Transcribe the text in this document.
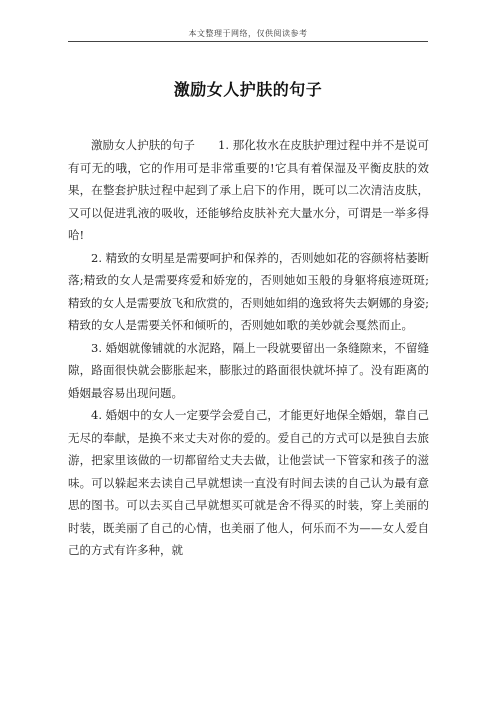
本文整理于网络，仅供阅读参考
激励女人护肤的句子

激励女人护肤的句子　　1. 那化妆水在皮肤护理过程中并不是说可有可无的哦，它的作用可是非常重要的!它具有着保湿及平衡皮肤的效果，在整套护肤过程中起到了承上启下的作用，既可以二次清洁皮肤，又可以促进乳液的吸收，还能够给皮肤补充大量水分，可谓是一举多得哈!

2. 精致的女明星是需要呵护和保养的，否则她如花的容颜将枯萎断落;精致的女人是需要疼爱和娇宠的，否则她如玉般的身躯将痕迹斑斑;精致的女人是需要放飞和欣赏的，否则她如绢的逸致将失去婀娜的身姿;精致的女人是需要关怀和倾听的，否则她如歌的美妙就会戛然而止。

3. 婚姻就像铺就的水泥路，隔上一段就要留出一条缝隙来，不留缝隙，路面很快就会膨胀起来，膨胀过的路面很快就坏掉了。没有距离的婚姻最容易出现问题。

4. 婚姻中的女人一定要学会爱自己，才能更好地保全婚姻，靠自己无尽的奉献，是换不来丈夫对你的爱的。爱自己的方式可以是独自去旅游，把家里该做的一切都留给丈夫去做，让他尝试一下管家和孩子的滋味。可以躲起来去读自己早就想读一直没有时间去读的自己认为最有意思的图书。可以去买自己早就想买可就是舍不得买的时装，穿上美丽的时装，既美丽了自己的心情，也美丽了他人，何乐而不为——女人爱自己的方式有许多种，就
